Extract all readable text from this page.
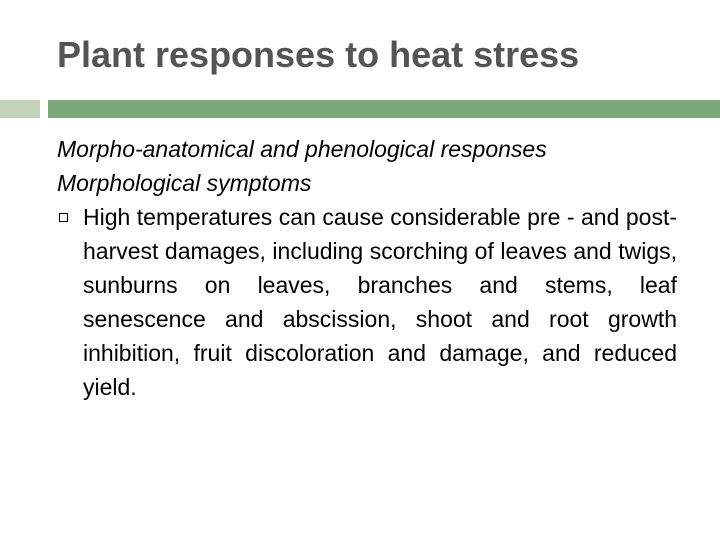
Plant responses to heat stress
Morpho-anatomical and phenological responses
Morphological symptoms
High temperatures can cause considerable pre - and post-harvest damages, including scorching of leaves and twigs, sunburns on leaves, branches and stems, leaf senescence and abscission, shoot and root growth inhibition, fruit discoloration and damage, and reduced yield.
